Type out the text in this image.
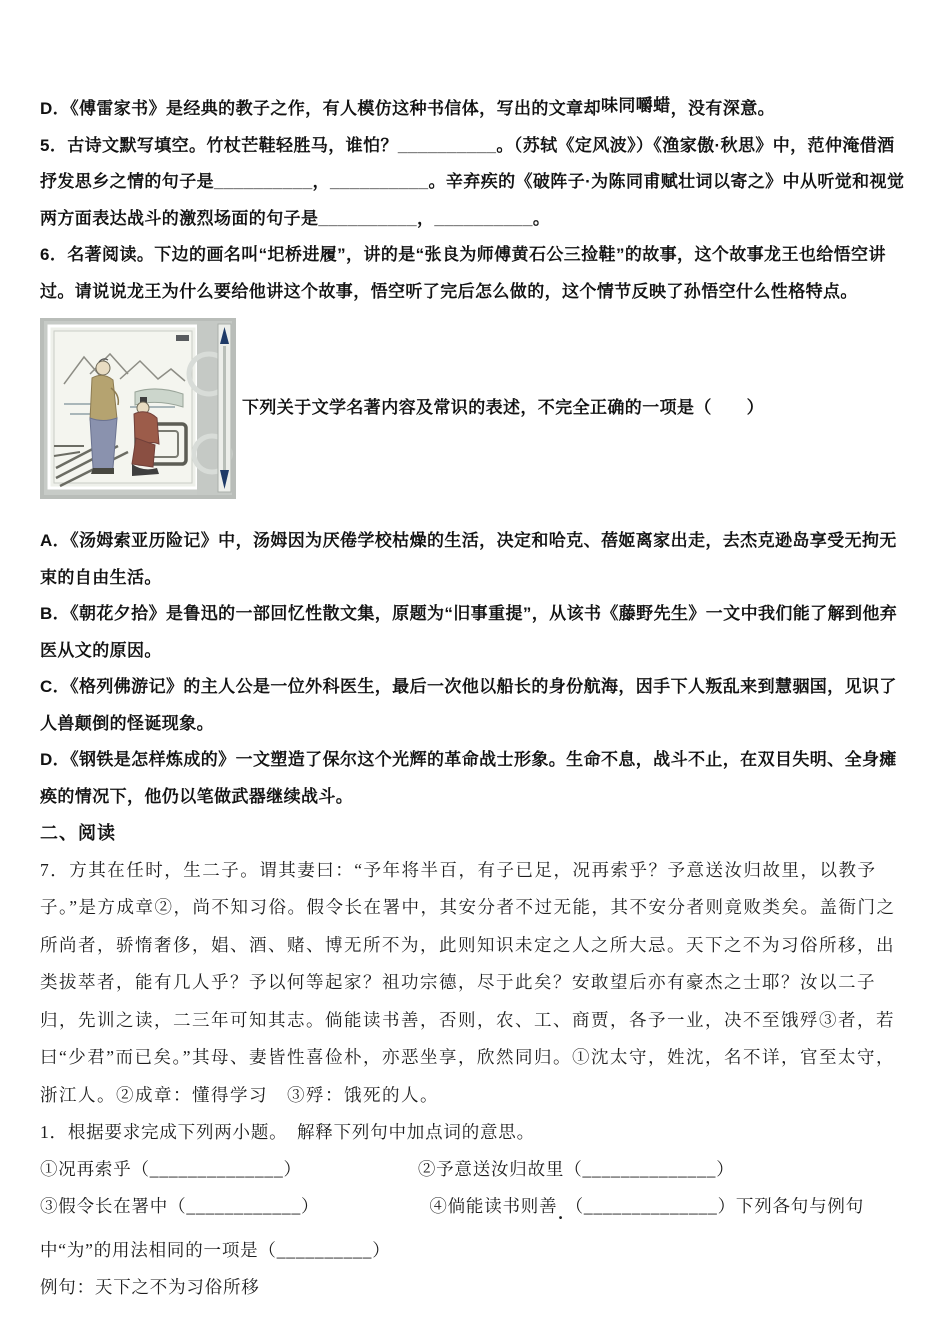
D．《傅雷家书》是经典的教子之作，有人模仿这种书信体，写出的文章却味同嚼蜡，没有深意。

5．古诗文默写填空。竹杖芒鞋轻胜马，谁怕？__________。（苏轼《定风波》）《渔家傲·秋思》中，范仲淹借酒抒发思乡之情的句子是__________，__________。辛弃疾的《破阵子·为陈同甫赋壮词以寄之》中从听觉和视觉两方面表达战斗的激烈场面的句子是__________，__________。

6．名著阅读。下边的画名叫“圯桥进履”，讲的是“张良为师傅黄石公三捡鞋”的故事，这个故事龙王也给悟空讲过。请说说龙王为什么要给他讲这个故事，悟空听了完后怎么做的，这个情节反映了孙悟空什么性格特点。

下列关于文学名著内容及常识的表述，不完全正确的一项是（　　）

A．《汤姆索亚历险记》中，汤姆因为厌倦学校枯燥的生活，决定和哈克、蓓姬离家出走，去杰克逊岛享受无拘无束的自由生活。

B．《朝花夕拾》是鲁迅的一部回忆性散文集，原题为“旧事重提”，从该书《藤野先生》一文中我们能了解到他弃医从文的原因。

C．《格列佛游记》的主人公是一位外科医生，最后一次他以船长的身份航海，因手下人叛乱来到慧骃国，见识了人兽颠倒的怪诞现象。

D．《钢铁是怎样炼成的》一文塑造了保尔这个光辉的革命战士形象。生命不息，战斗不止，在双目失明、全身瘫痪的情况下，他仍以笔做武器继续战斗。

二、阅读

7．方其在任时，生二子。谓其妻曰：“予年将半百，有子已足，况再索乎？予意送汝归故里，以教予子。”是方成章②，尚不知习俗。假令长在署中，其安分者不过无能，其不安分者则竟败类矣。盖衙门之所尚者，骄惰奢侈，娼、酒、赌、博无所不为，此则知识未定之人之所大忌。天下之不为习俗所移，出类拔萃者，能有几人乎？予以何等起家？祖功宗德，尽于此矣？安敢望后亦有豪杰之士耶？汝以二子归，先训之读，二三年可知其志。倘能读书善，否则，农、工、商贾，各予一业，决不至饿殍③者，若曰“少君”而已矣。”其母、妻皆性喜俭朴，亦恶坐享，欣然同归。①沈太守，姓沈，名不详，官至太守，浙江人。②成章：懂得学习　③殍：饿死的人。

1．根据要求完成下列两小题。　解释下列句中加点词的意思。

①况再索乎（______________）	②予意送汝归故里（______________）

③假令长在署中（____________）	④倘能读书则善. （______________）下列各句与例句中“为”的用法相同的一项是（__________）

例句：天下之不为习俗所移
